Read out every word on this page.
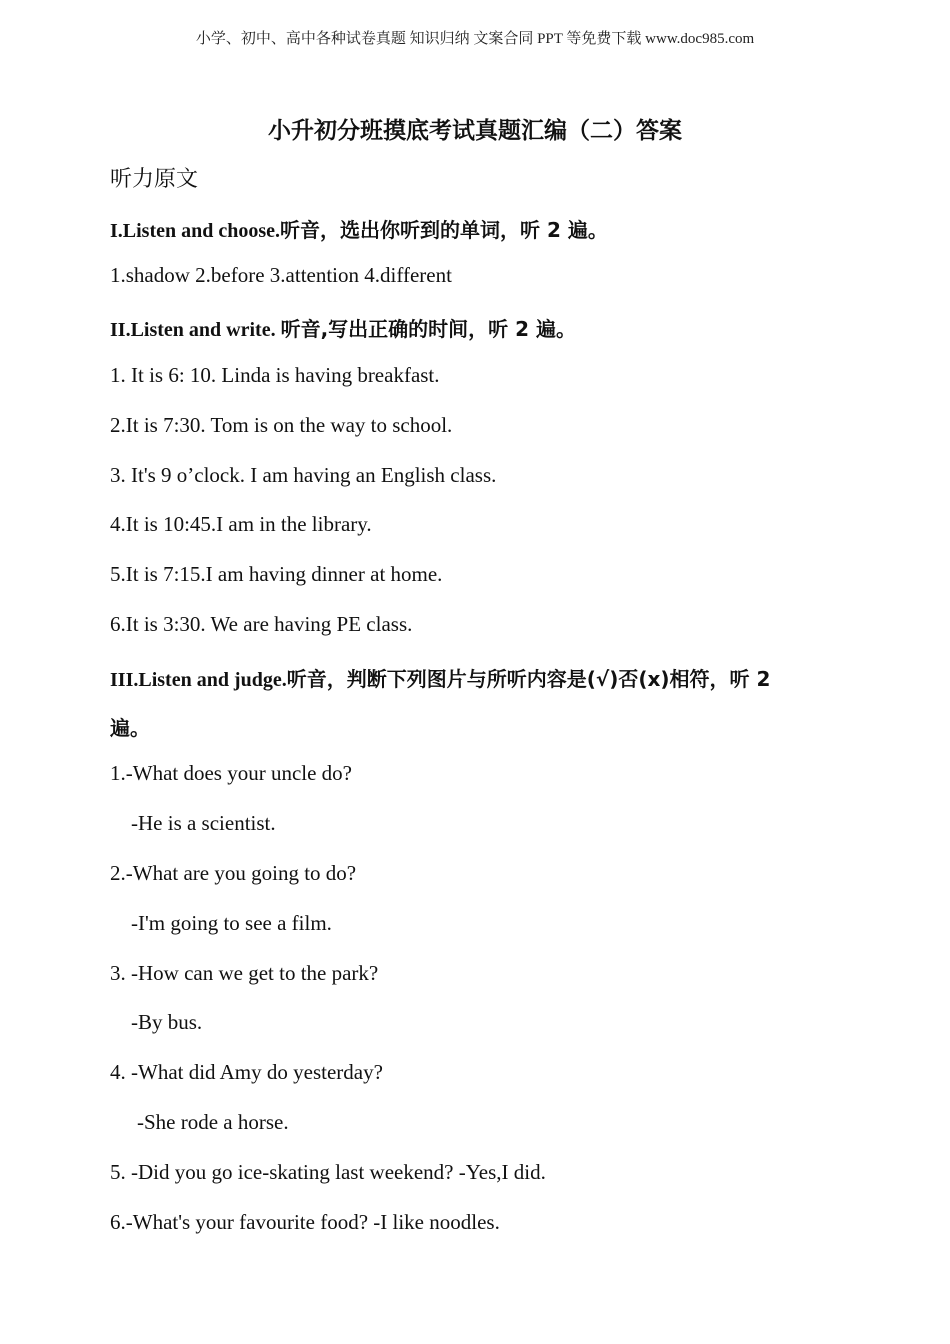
小学、初中、高中各种试卷真题 知识归纳 文案合同 PPT 等免费下载 www.doc985.com
小升初分班摸底考试真题汇编（二）答案
听力原文
I.Listen and choose.听音，选出你听到的单词，听 2 遍。
1.shadow 2.before 3.attention 4.different
II.Listen and write. 听音,写出正确的时间，听 2 遍。
1. It is 6: 10. Linda is having breakfast.
2.It is 7:30. Tom is on the way to school.
3. It's 9 o’clock. I am having an English class.
4.It is 10:45.I am in the library.
5.It is 7:15.I am having dinner at home.
6.It is 3:30. We are having PE class.
III.Listen and judge.听音，判断下列图片与所听内容是(√)否(x)相符，听 2
遍。
1.-What does your uncle do?
-He is a scientist.
2.-What are you going to do?
-I'm going to see a film.
3. -How can we get to the park?
-By bus.
4. -What did Amy do yesterday?
-She rode a horse.
5. -Did you go ice-skating last weekend? -Yes,I did.
6.-What's your favourite food? -I like noodles.
